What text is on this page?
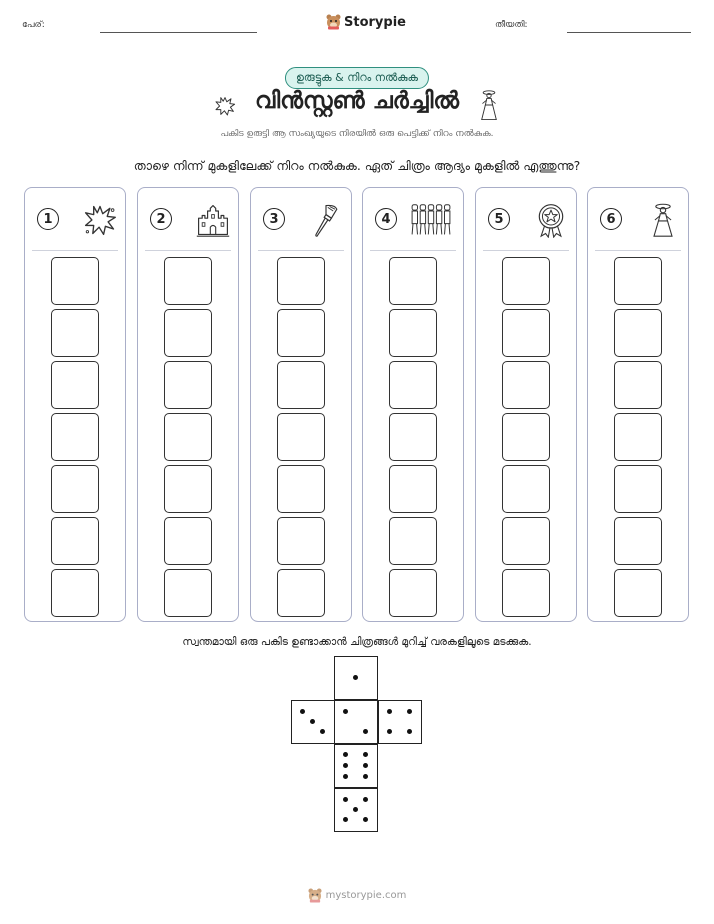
പേര്:	Storypie	തീയതി:
ഉരുട്ടുക & നിറം നൽകുക
വിൻസ്റ്റൺ ചർച്ചിൽ
പകിട ഉരുട്ടി ആ സംഖ്യയുടെ നിരയിൽ ഒരു പെട്ടിക്ക് നിറം നൽകുക.
താഴെ നിന്ന് മുകളിലേക്ക് നിറം നൽകുക. ഏത് ചിത്രം ആദ്യം മുകളിൽ എത്തുന്നു?
1	2	3	4	5	6
സ്വന്തമായി ഒരു പകിട ഉണ്ടാക്കാൻ ചിത്രങ്ങൾ മുറിച്ച് വരകളിലൂടെ മടക്കുക.
mystorypie.com
